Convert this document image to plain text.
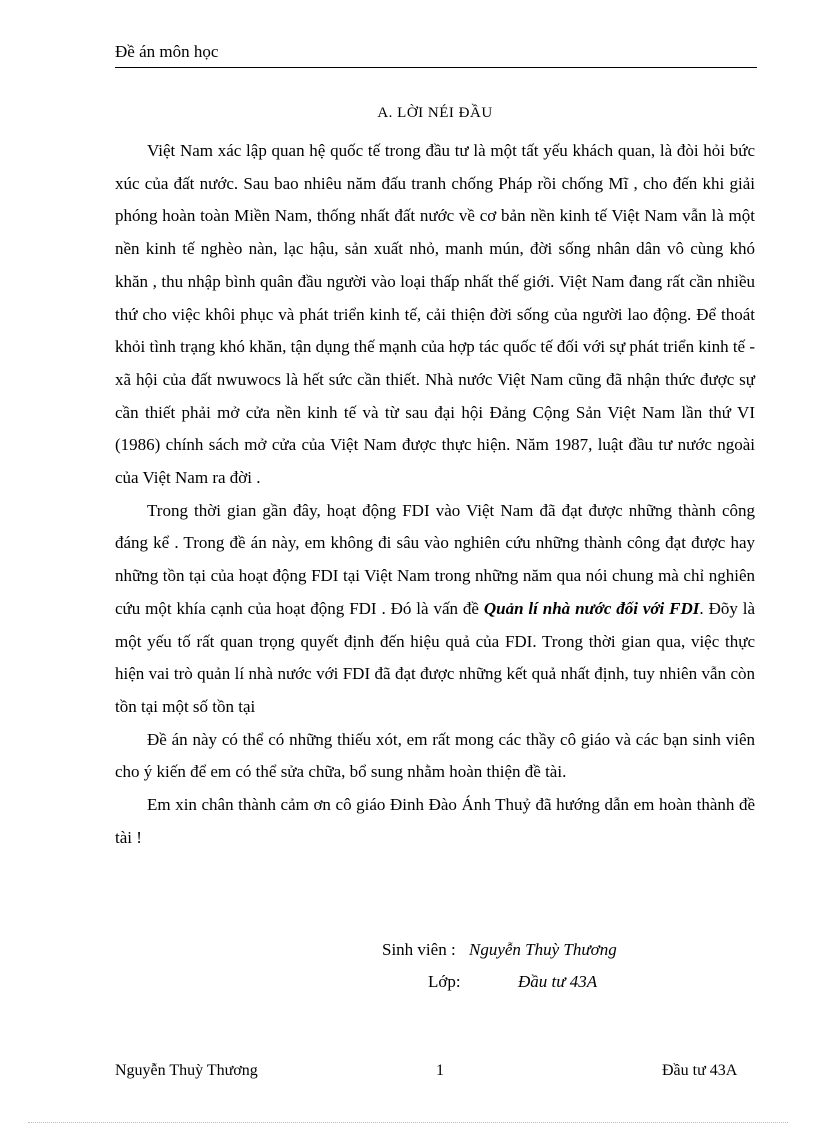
Đề án môn học
A. LỜI NÉI ĐẦU

Việt Nam xác lập quan hệ quốc tế trong đầu tư là một tất yếu khách quan, là đòi hỏi bức xúc của đất nước. Sau bao nhiêu năm đấu tranh chống Pháp rồi chống Mĩ , cho đến khi giải phóng hoàn toàn Miền Nam, thống nhất đất nước về cơ bản nền kinh tế Việt Nam vẫn là một nền kinh tế nghèo nàn, lạc hậu, sản xuất nhỏ, manh mún, đời sống nhân dân vô cùng khó khăn , thu nhập bình quân đầu người vào loại thấp nhất thế giới. Việt Nam đang rất cần nhiều thứ cho việc khôi phục và phát triển kinh tế, cải thiện đời sống của người lao động. Để thoát khỏi tình trạng khó khăn, tận dụng thế mạnh của hợp tác quốc tế đối với sự phát triển kinh tế - xã hội của đất nwuwocs là hết sức cần thiết. Nhà nước Việt Nam cũng đã nhận thức được sự cần thiết phải mở cửa nền kinh tế và từ sau đại hội Đảng Cộng Sản Việt Nam lần thứ VI (1986) chính sách mở cửa của Việt Nam được thực hiện. Năm 1987, luật đầu tư nước ngoài của Việt Nam ra đời .

Trong thời gian gần đây, hoạt động FDI vào Việt Nam đã đạt được những thành công đáng kể . Trong đề án này, em không đi sâu vào nghiên cứu những thành công đạt được hay những tồn tại của hoạt động FDI tại Việt Nam trong những năm qua nói chung mà chỉ nghiên cứu một khía cạnh của hoạt động FDI . Đó là vấn đề Quản lí nhà nước đối với FDI. Đõy là một yếu tố rất quan trọng quyết định đến hiệu quả của FDI. Trong thời gian qua, việc thực hiện vai trò quản lí nhà nước với FDI đã đạt được những kết quả nhất định, tuy nhiên vẫn còn tồn tại một số tồn tại

Đề án này có thể có những thiếu xót, em rất mong các thầy cô giáo và các bạn sinh viên cho ý kiến để em có thể sửa chữa, bổ sung nhằm hoàn thiện đề tài.

Em xin chân thành cảm ơn cô giáo Đinh Đào Ánh Thuỷ đã hướng dẫn em hoàn thành đề tài !

Sinh viên : Nguyễn Thuỳ Thương
Lớp:	Đầu tư 43A
Nguyễn Thuỳ Thương	1	Đầu tư 43A
